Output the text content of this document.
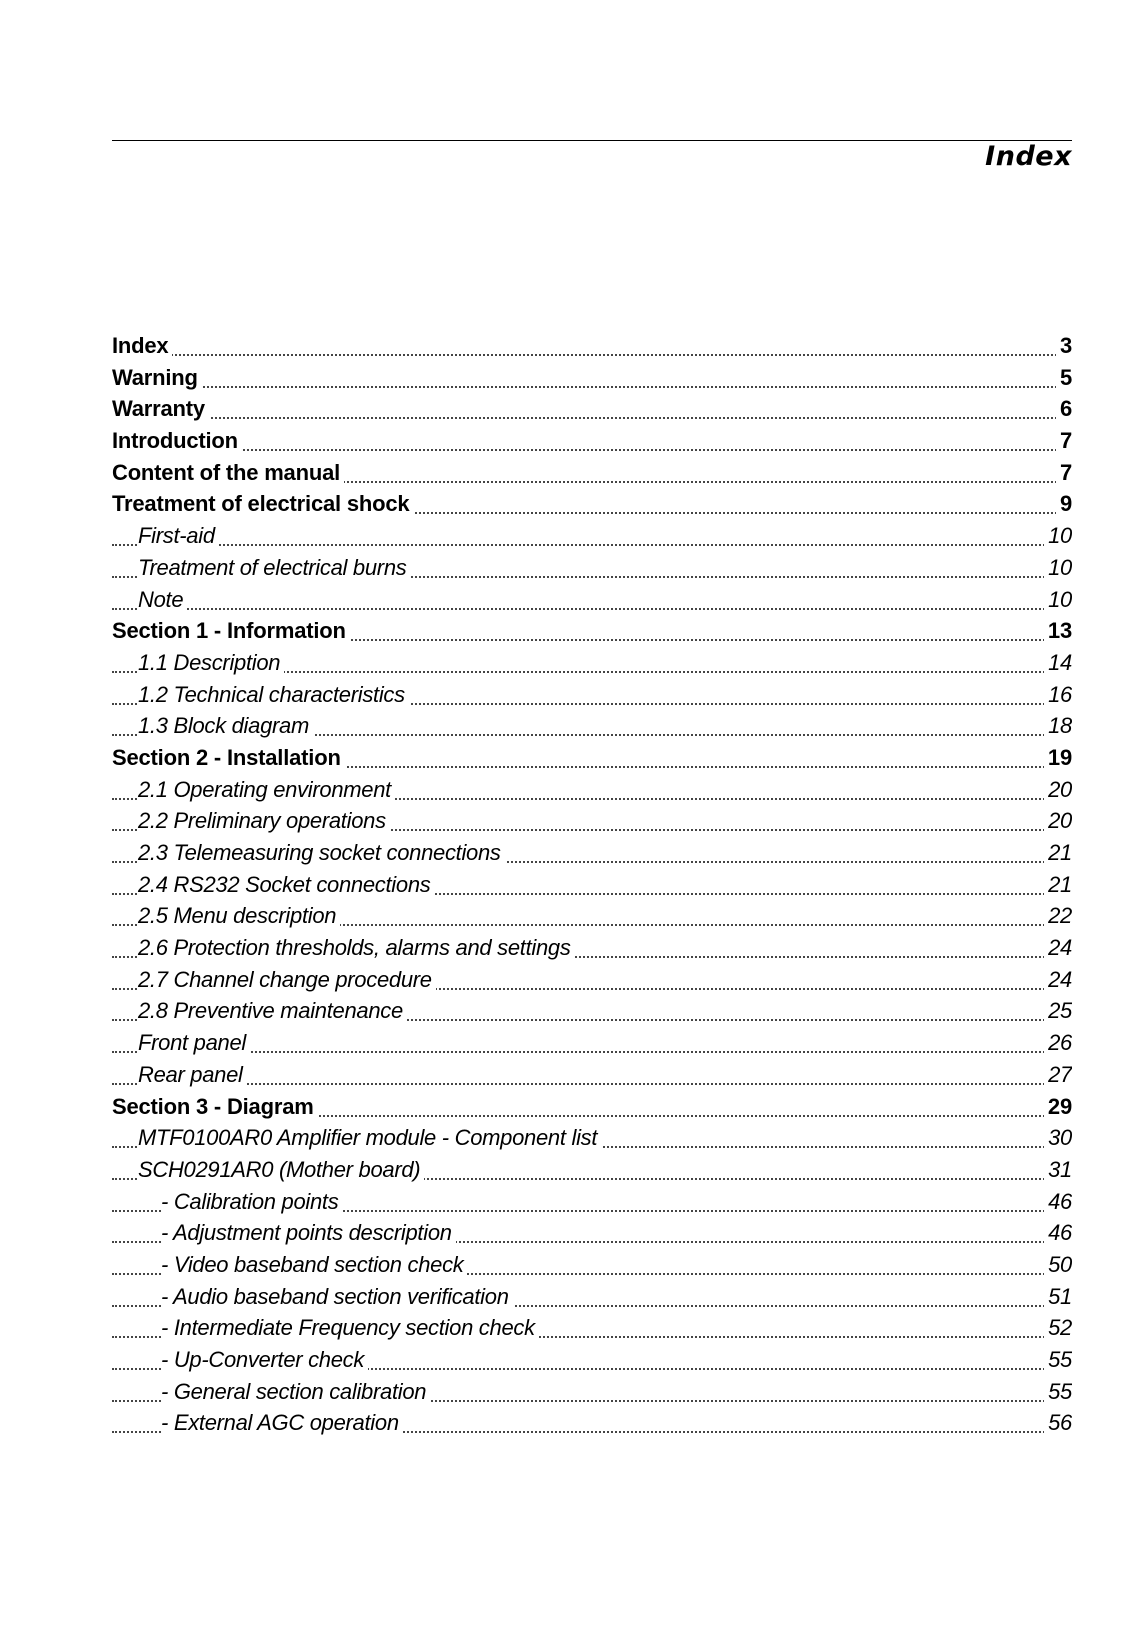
Index
Index	3
Warning	5
Warranty	6
Introduction	7
Content of the manual	7
Treatment of electrical shock	9
First-aid	10
Treatment of electrical burns	10
Note	10
Section 1 - Information	13
1.1 Description	14
1.2 Technical characteristics	16
1.3 Block diagram	18
Section 2 - Installation	19
2.1 Operating environment	20
2.2 Preliminary operations	20
2.3 Telemeasuring socket connections	21
2.4 RS232 Socket connections	21
2.5 Menu description	22
2.6 Protection thresholds, alarms and settings	24
2.7 Channel change procedure	24
2.8 Preventive maintenance	25
Front panel	26
Rear panel	27
Section 3 - Diagram	29
MTF0100AR0 Amplifier module - Component list	30
SCH0291AR0 (Mother board)	31
- Calibration points	46
- Adjustment points description	46
- Video baseband section check	50
- Audio baseband section verification	51
- Intermediate Frequency section check	52
- Up-Converter check	55
- General section calibration	55
- External AGC operation	56
